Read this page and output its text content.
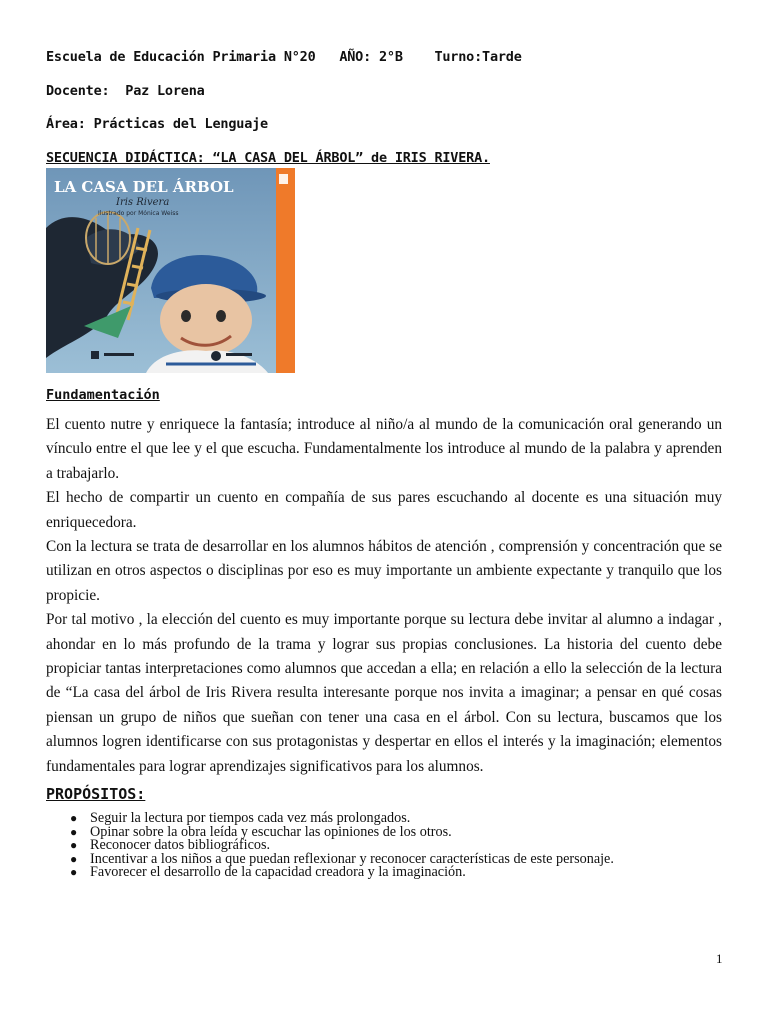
Escuela de Educación Primaria N°20   AÑO: 2°B    Turno:Tarde
Docente:  Paz Lorena
Área: Prácticas del Lenguaje
SECUENCIA DIDÁCTICA: “LA CASA DEL ÁRBOL” de IRIS RIVERA.
LA CASA DEL ÁRBOL
Iris Rivera
Ilustrado por Mónica Weiss
Fundamentación

El cuento nutre y enriquece la fantasía; introduce al niño/a al mundo de la comunicación oral generando un vínculo entre el que lee y el que escucha. Fundamentalmente los introduce al mundo de la palabra y aprenden a trabajarlo.

El hecho de compartir un cuento en compañía de sus pares escuchando al docente es una situación muy enriquecedora.

Con la lectura se trata de desarrollar en los alumnos hábitos de atención , comprensión y concentración que se utilizan en otros aspectos o disciplinas por eso es muy importante un ambiente expectante y tranquilo que los propicie.

Por tal motivo , la elección del cuento es muy importante porque su lectura debe invitar al alumno a indagar , ahondar en lo más profundo de la trama y lograr sus propias conclusiones. La historia del cuento debe propiciar tantas interpretaciones como alumnos que accedan a ella; en relación a ello la selección de la lectura de “La casa del árbol de Iris Rivera resulta interesante porque nos invita a imaginar; a pensar en qué cosas piensan un grupo de niños que sueñan con tener una casa en el árbol. Con su lectura, buscamos que los alumnos logren identificarse con sus protagonistas y despertar en ellos el interés y la imaginación; elementos fundamentales para lograr aprendizajes significativos para los alumnos.

PROPÓSITOS:
● Seguir la lectura por tiempos cada vez más prolongados.
● Opinar sobre la obra leída y escuchar las opiniones de los otros.
● Reconocer datos bibliográficos.
● Incentivar a los niños a que puedan reflexionar y reconocer características de este personaje.
● Favorecer el desarrollo de la capacidad creadora y la imaginación.
1
